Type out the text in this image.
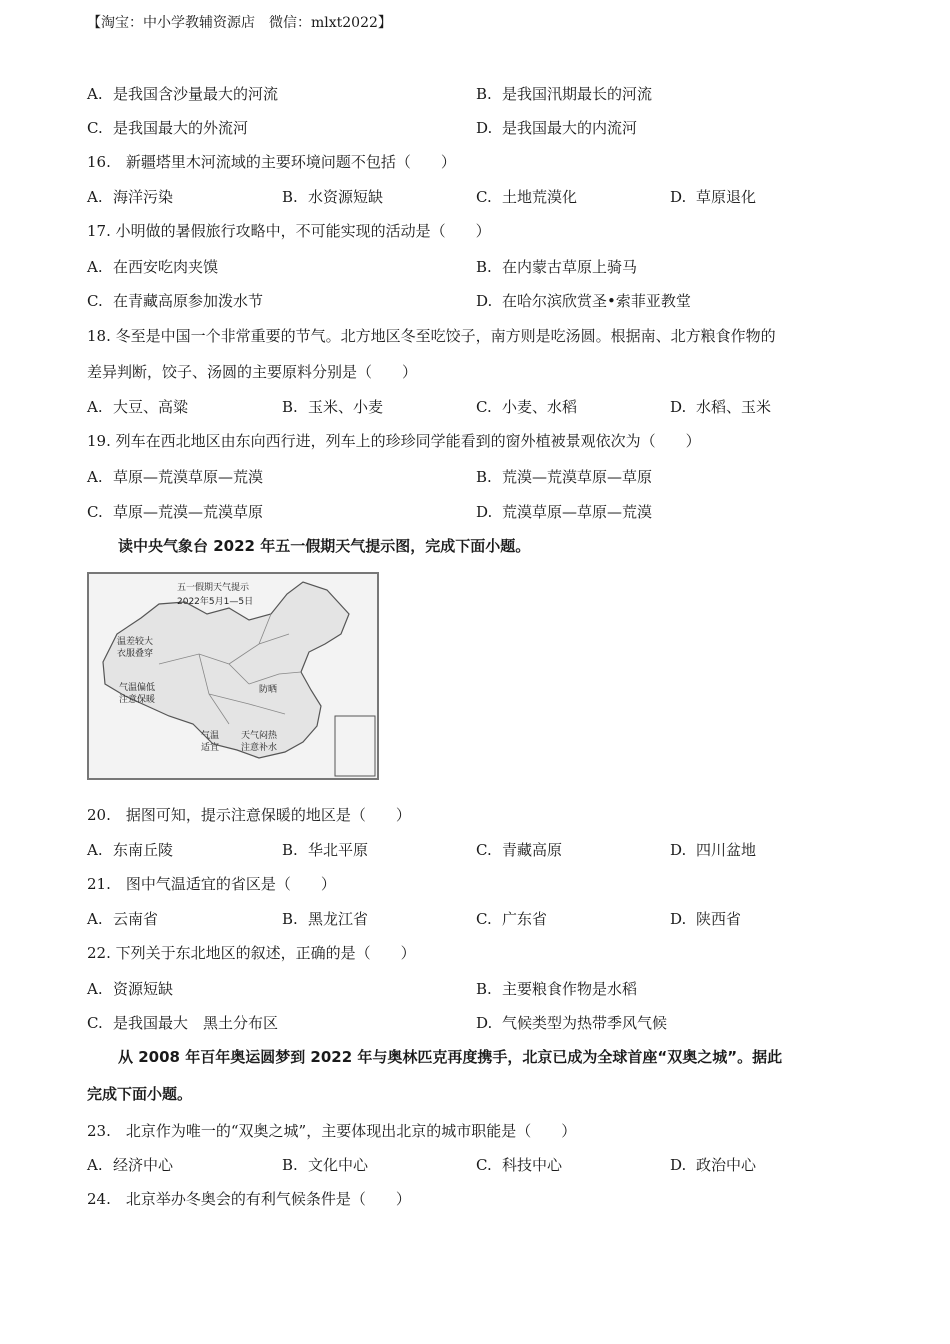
【淘宝：中小学教辅资源店　微信：mlxt2022】
A. 是我国含沙量最大的河流	B. 是我国汛期最长的河流
C. 是我国最大的外流河	D. 是我国最大的内流河
16.　新疆塔里木河流域的主要环境问题不包括（　　）
A. 海洋污染	B. 水资源短缺	C. 土地荒漠化	D. 草原退化
17. 小明做的暑假旅行攻略中，不可能实现的活动是（　　）
A. 在西安吃肉夹馍	B. 在内蒙古草原上骑马
C. 在青藏高原参加泼水节	D. 在哈尔滨欣赏圣•索菲亚教堂
18. 冬至是中国一个非常重要的节气。北方地区冬至吃饺子，南方则是吃汤圆。根据南、北方粮食作物的
差异判断，饺子、汤圆的主要原料分别是（　　）
A. 大豆、高粱	B. 玉米、小麦	C. 小麦、水稻	D. 水稻、玉米
19. 列车在西北地区由东向西行进，列车上的珍珍同学能看到的窗外植被景观依次为（　　）
A. 草原—荒漠草原—荒漠	B. 荒漠—荒漠草原—草原
C. 草原—荒漠—荒漠草原	D. 荒漠草原—草原—荒漠
读中央气象台 2022 年五一假期天气提示图，完成下面小题。
五一假期天气提示
2022年5月1—5日
温差较大
衣服叠穿
气温偏低
注意保暖
气温
适宜
天气闷热
注意补水
防晒
20.　据图可知，提示注意保暖的地区是（　　）
A. 东南丘陵	B. 华北平原	C. 青藏高原	D. 四川盆地
21.　图中气温适宜的省区是（　　）
A. 云南省	B. 黑龙江省	C. 广东省	D. 陕西省
22. 下列关于东北地区的叙述，正确的是（　　）
A. 资源短缺	B. 主要粮食作物是水稻
C. 是我国最大　黑土分布区	D. 气候类型为热带季风气候
从 2008 年百年奥运圆梦到 2022 年与奥林匹克再度携手，北京已成为全球首座“双奥之城”。据此
完成下面小题。
23.　北京作为唯一的“双奥之城”，主要体现出北京的城市职能是（　　）
A. 经济中心	B. 文化中心	C. 科技中心	D. 政治中心
24.　北京举办冬奥会的有利气候条件是（　　）
